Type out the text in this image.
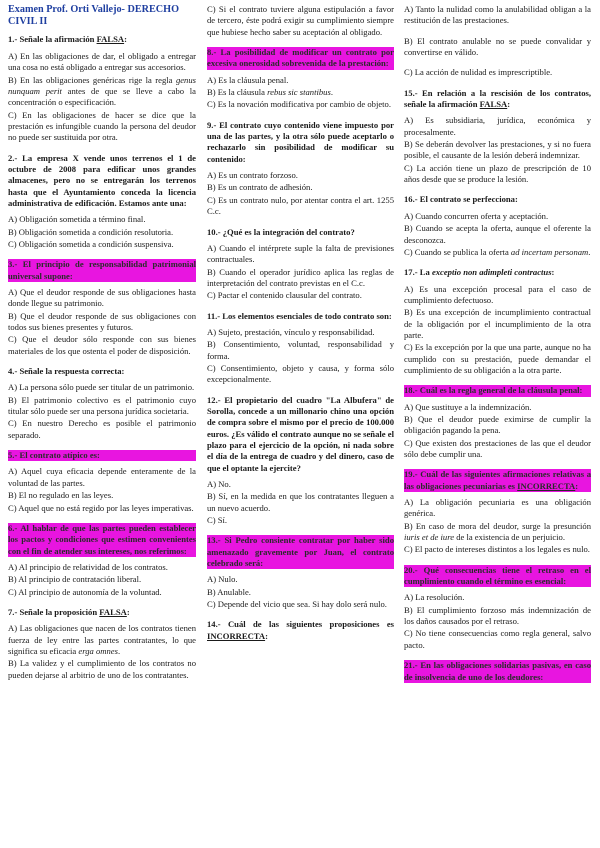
Examen Prof. Orti Vallejo- DERECHO CIVIL II
1.- Señale la afirmación FALSA:
A) En las obligaciones de dar, el obligado a entregar una cosa no está obligado a entregar sus accesorios.
B) En las obligaciones genéricas rige la regla genus nunquam perit antes de que se lleve a cabo la concentración o especificación.
C) En las obligaciones de hacer se dice que la prestación es infungible cuando la persona del deudor no puede ser sustituida por otra.
2.- La empresa X vende unos terrenos el 1 de octubre de 2008 para edificar unos grandes almacenes, pero no se entregarán los terrenos hasta que el Ayuntamiento conceda la licencia administrativa de edificación. Estamos ante una:
A) Obligación sometida a término final.
B) Obligación sometida a condición resolutoria.
C) Obligación sometida a condición suspensiva.
3.- El principio de responsabilidad patrimonial universal supone:
A) Que el deudor responde de sus obligaciones hasta donde llegue su patrimonio.
B) Que el deudor responde de sus obligaciones con todos sus bienes presentes y futuros.
C) Que el deudor sólo responde con sus bienes materiales de los que ostenta el poder de disposición.
4.- Señale la respuesta correcta:
A) La persona sólo puede ser titular de un patrimonio.
B) El patrimonio colectivo es el patrimonio cuyo titular sólo puede ser una persona jurídica societaria.
C) En nuestro Derecho es posible el patrimonio separado.
5.- El contrato atípico es:
A) Aquel cuya eficacia depende enteramente de la voluntad de las partes.
B) El no regulado en las leyes.
C) Aquel que no está regido por las leyes imperativas.
6.- Al hablar de que las partes pueden establecer los pactos y condiciones que estimen convenientes con el fin de atender sus intereses, nos referimos:
A) Al principio de relatividad de los contratos.
B) Al principio de contratación liberal.
C) Al principio de autonomía de la voluntad.
7.- Señale la proposición FALSA:
A) Las obligaciones que nacen de los contratos tienen fuerza de ley entre las partes contratantes, lo que significa su eficacia erga omnes.
B) La validez y el cumplimiento de los contratos no pueden dejarse al arbitrio de uno de los contratantes.
C) Si el contrato tuviere alguna estipulación a favor de tercero, éste podrá exigir su cumplimiento siempre que hubiese hecho saber su aceptación al obligado.
8.- La posibilidad de modificar un contrato por excesiva onerosidad sobrevenida de la prestación:
A) Es la cláusula penal.
B) Es la cláusula rebus sic stantibus.
C) Es la novación modificativa por cambio de objeto.
9.- El contrato cuyo contenido viene impuesto por una de las partes, y la otra sólo puede aceptarlo o rechazarlo sin posibilidad de modificar su contenido:
A) Es un contrato forzoso.
B) Es un contrato de adhesión.
C) Es un contrato nulo, por atentar contra el art. 1255 C.c.
10.- ¿Qué es la integración del contrato?
A) Cuando el intérprete suple la falta de previsiones contractuales.
B) Cuando el operador jurídico aplica las reglas de interpretación del contrato previstas en el C.c.
C) Pactar el contenido clausular del contrato.
11.- Los elementos esenciales de todo contrato son:
A) Sujeto, prestación, vínculo y responsabilidad.
B) Consentimiento, voluntad, responsabilidad y forma.
C) Consentimiento, objeto y causa, y forma sólo excepcionalmente.
12.- El propietario del cuadro "La Albufera" de Sorolla, concede a un millonario chino una opción de compra sobre el mismo por el precio de 100.000 euros. ¿Es válido el contrato aunque no se señale el plazo para el ejercicio de la opción, ni nada sobre el día de la entrega de cuadro y del dinero, caso de que el optante la ejercite?
A) No.
B) Sí, en la medida en que los contratantes lleguen a un nuevo acuerdo.
C) Sí.
13.- Si Pedro consiente contratar por haber sido amenazado gravemente por Juan, el contrato celebrado será:
A) Nulo.
B) Anulable.
C) Depende del vicio que sea. Si hay dolo será nulo.
14.- Cuál de las siguientes proposiciones es INCORRECTA:
A) Tanto la nulidad como la anulabilidad obligan a la restitución de las prestaciones.
B) El contrato anulable no se puede convalidar y convertirse en válido.
C) La acción de nulidad es imprescriptible.
15.- En relación a la rescisión de los contratos, señale la afirmación FALSA:
A) Es subsidiaria, jurídica, económica y procesalmente.
B) Se deberán devolver las prestaciones, y si no fuera posible, el causante de la lesión deberá indemnizar.
C) La acción tiene un plazo de prescripción de 10 años desde que se produce la lesión.
16.- El contrato se perfecciona:
A) Cuando concurren oferta y aceptación.
B) Cuando se acepta la oferta, aunque el oferente la desconozca.
C) Cuando se publica la oferta ad incertam personam.
17.- La exceptio non adimpleti contractus:
A) Es una excepción procesal para el caso de cumplimiento defectuoso.
B) Es una excepción de incumplimiento contractual de la obligación por el incumplimiento de la otra parte.
C) Es la excepción por la que una parte, aunque no ha cumplido con su prestación, puede demandar el cumplimiento de su obligación a la otra parte.
18.- Cuál es la regla general de la cláusula penal:
A) Que sustituye a la indemnización.
B) Que el deudor puede eximirse de cumplir la obligación pagando la pena.
C) Que existen dos prestaciones de las que el deudor sólo debe cumplir una.
19.- Cuál de las siguientes afirmaciones relativas a las obligaciones pecuniarias es INCORRECTA:
A) La obligación pecuniaria es una obligación genérica.
B) En caso de mora del deudor, surge la presunción iuris et de iure de la existencia de un perjuicio.
C) El pacto de intereses distintos a los legales es nulo.
20.- Qué consecuencias tiene el retraso en el cumplimiento cuando el término es esencial:
A) La resolución.
B) El cumplimiento forzoso más indemnización de los daños causados por el retraso.
C) No tiene consecuencias como regla general, salvo pacto.
21.- En las obligaciones solidarias pasivas, en caso de insolvencia de uno de los deudores:
